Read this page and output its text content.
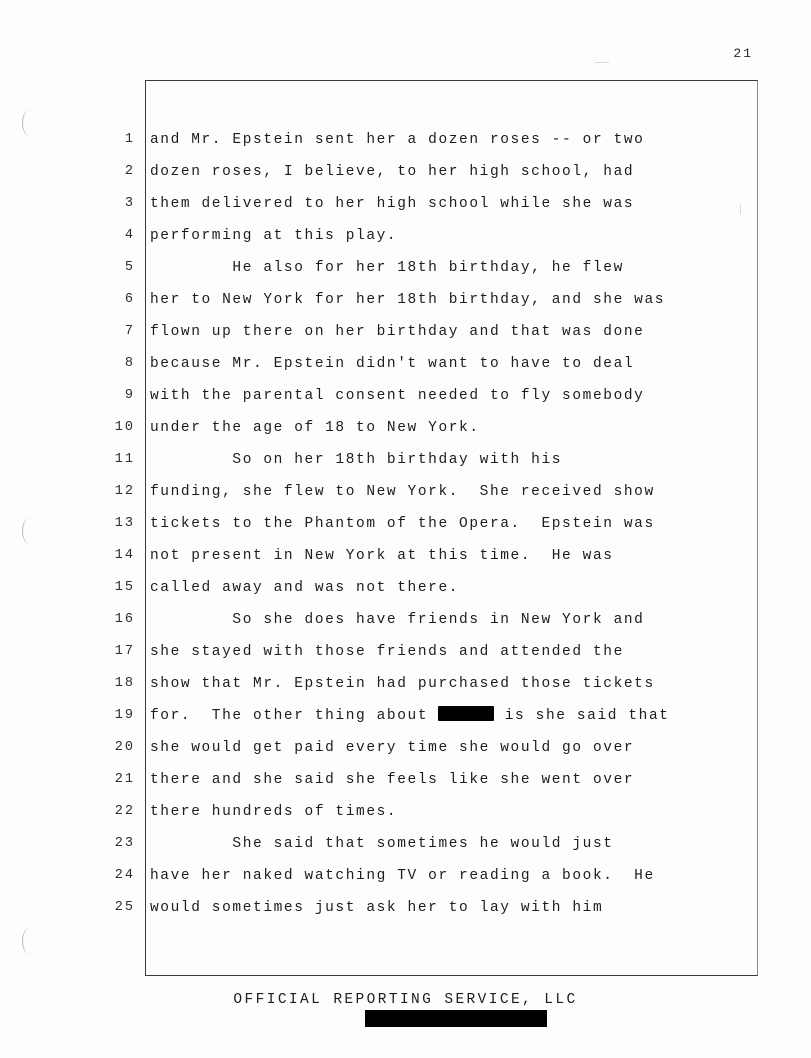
21
1
2
3
4
5
6
7
8
9
10
11
12
13
14
15
16
17
18
19
20
21
22
23
24
25
and Mr. Epstein sent her a dozen roses -- or two
dozen roses, I believe, to her high school, had
them delivered to her high school while she was
performing at this play.
He also for her 18th birthday, he flew
her to New York for her 18th birthday, and she was
flown up there on her birthday and that was done
because Mr. Epstein didn't want to have to deal
with the parental consent needed to fly somebody
under the age of 18 to New York.
So on her 18th birthday with his
funding, she flew to New York.  She received show
tickets to the Phantom of the Opera.  Epstein was
not present in New York at this time.  He was
called away and was not there.
So she does have friends in New York and
she stayed with those friends and attended the
show that Mr. Epstein had purchased those tickets
for.  The other thing about	is she said that
she would get paid every time she would go over
there and she said she feels like she went over
there hundreds of times.
She said that sometimes he would just
have her naked watching TV or reading a book.  He
would sometimes just ask her to lay with him
OFFICIAL REPORTING SERVICE, LLC
